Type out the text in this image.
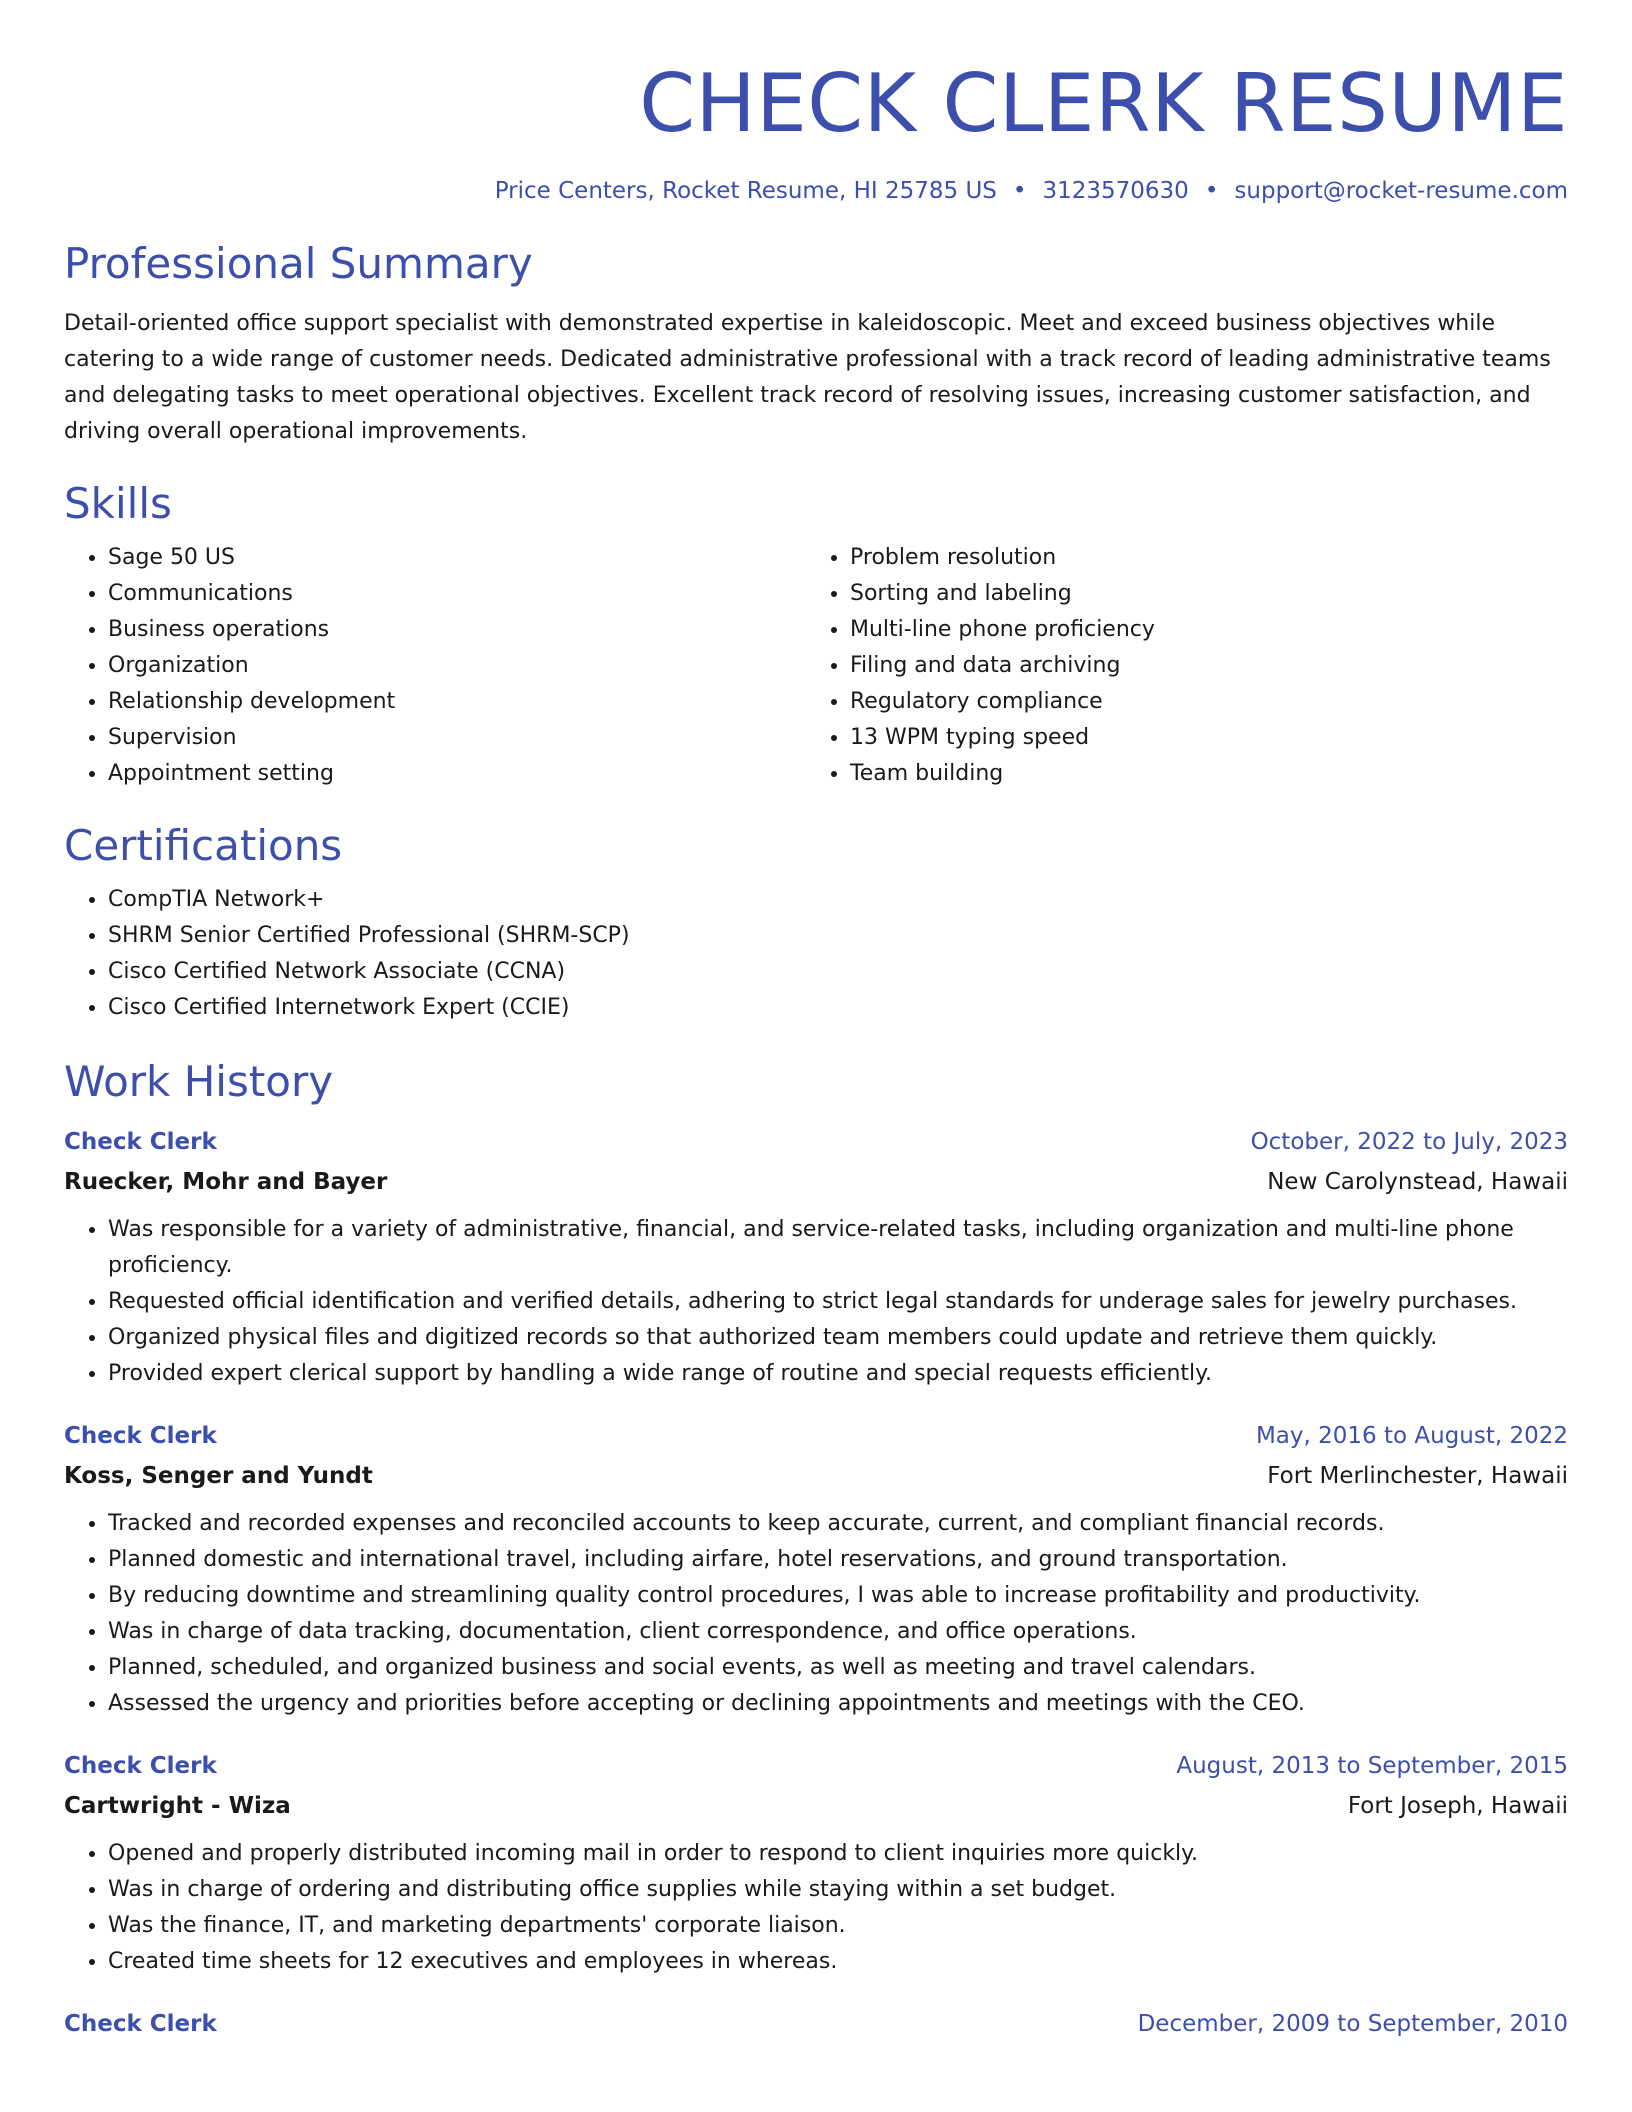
CHECK CLERK RESUME
Price Centers, Rocket Resume, HI 25785 US • 3123570630 • support@rocket-resume.com
Professional Summary

Detail-oriented office support specialist with demonstrated expertise in kaleidoscopic. Meet and exceed business objectives while catering to a wide range of customer needs. Dedicated administrative professional with a track record of leading administrative teams and delegating tasks to meet operational objectives. Excellent track record of resolving issues, increasing customer satisfaction, and driving overall operational improvements.

Skills
• Sage 50 US
• Communications
• Business operations
• Organization
• Relationship development
• Supervision
• Appointment setting
• Problem resolution
• Sorting and labeling
• Multi-line phone proficiency
• Filing and data archiving
• Regulatory compliance
• 13 WPM typing speed
• Team building
Certifications
• CompTIA Network+
• SHRM Senior Certified Professional (SHRM-SCP)
• Cisco Certified Network Associate (CCNA)
• Cisco Certified Internetwork Expert (CCIE)
Work History
Check Clerk	October, 2022 to July, 2023
Ruecker, Mohr and Bayer	New Carolynstead, Hawaii
• Was responsible for a variety of administrative, financial, and service-related tasks, including organization and multi-line phone proficiency.
• Requested official identification and verified details, adhering to strict legal standards for underage sales for jewelry purchases.
• Organized physical files and digitized records so that authorized team members could update and retrieve them quickly.
• Provided expert clerical support by handling a wide range of routine and special requests efficiently.
Check Clerk	May, 2016 to August, 2022
Koss, Senger and Yundt	Fort Merlinchester, Hawaii
• Tracked and recorded expenses and reconciled accounts to keep accurate, current, and compliant financial records.
• Planned domestic and international travel, including airfare, hotel reservations, and ground transportation.
• By reducing downtime and streamlining quality control procedures, I was able to increase profitability and productivity.
• Was in charge of data tracking, documentation, client correspondence, and office operations.
• Planned, scheduled, and organized business and social events, as well as meeting and travel calendars.
• Assessed the urgency and priorities before accepting or declining appointments and meetings with the CEO.
Check Clerk	August, 2013 to September, 2015
Cartwright - Wiza	Fort Joseph, Hawaii
• Opened and properly distributed incoming mail in order to respond to client inquiries more quickly.
• Was in charge of ordering and distributing office supplies while staying within a set budget.
• Was the finance, IT, and marketing departments' corporate liaison.
• Created time sheets for 12 executives and employees in whereas.
Check Clerk	December, 2009 to September, 2010
